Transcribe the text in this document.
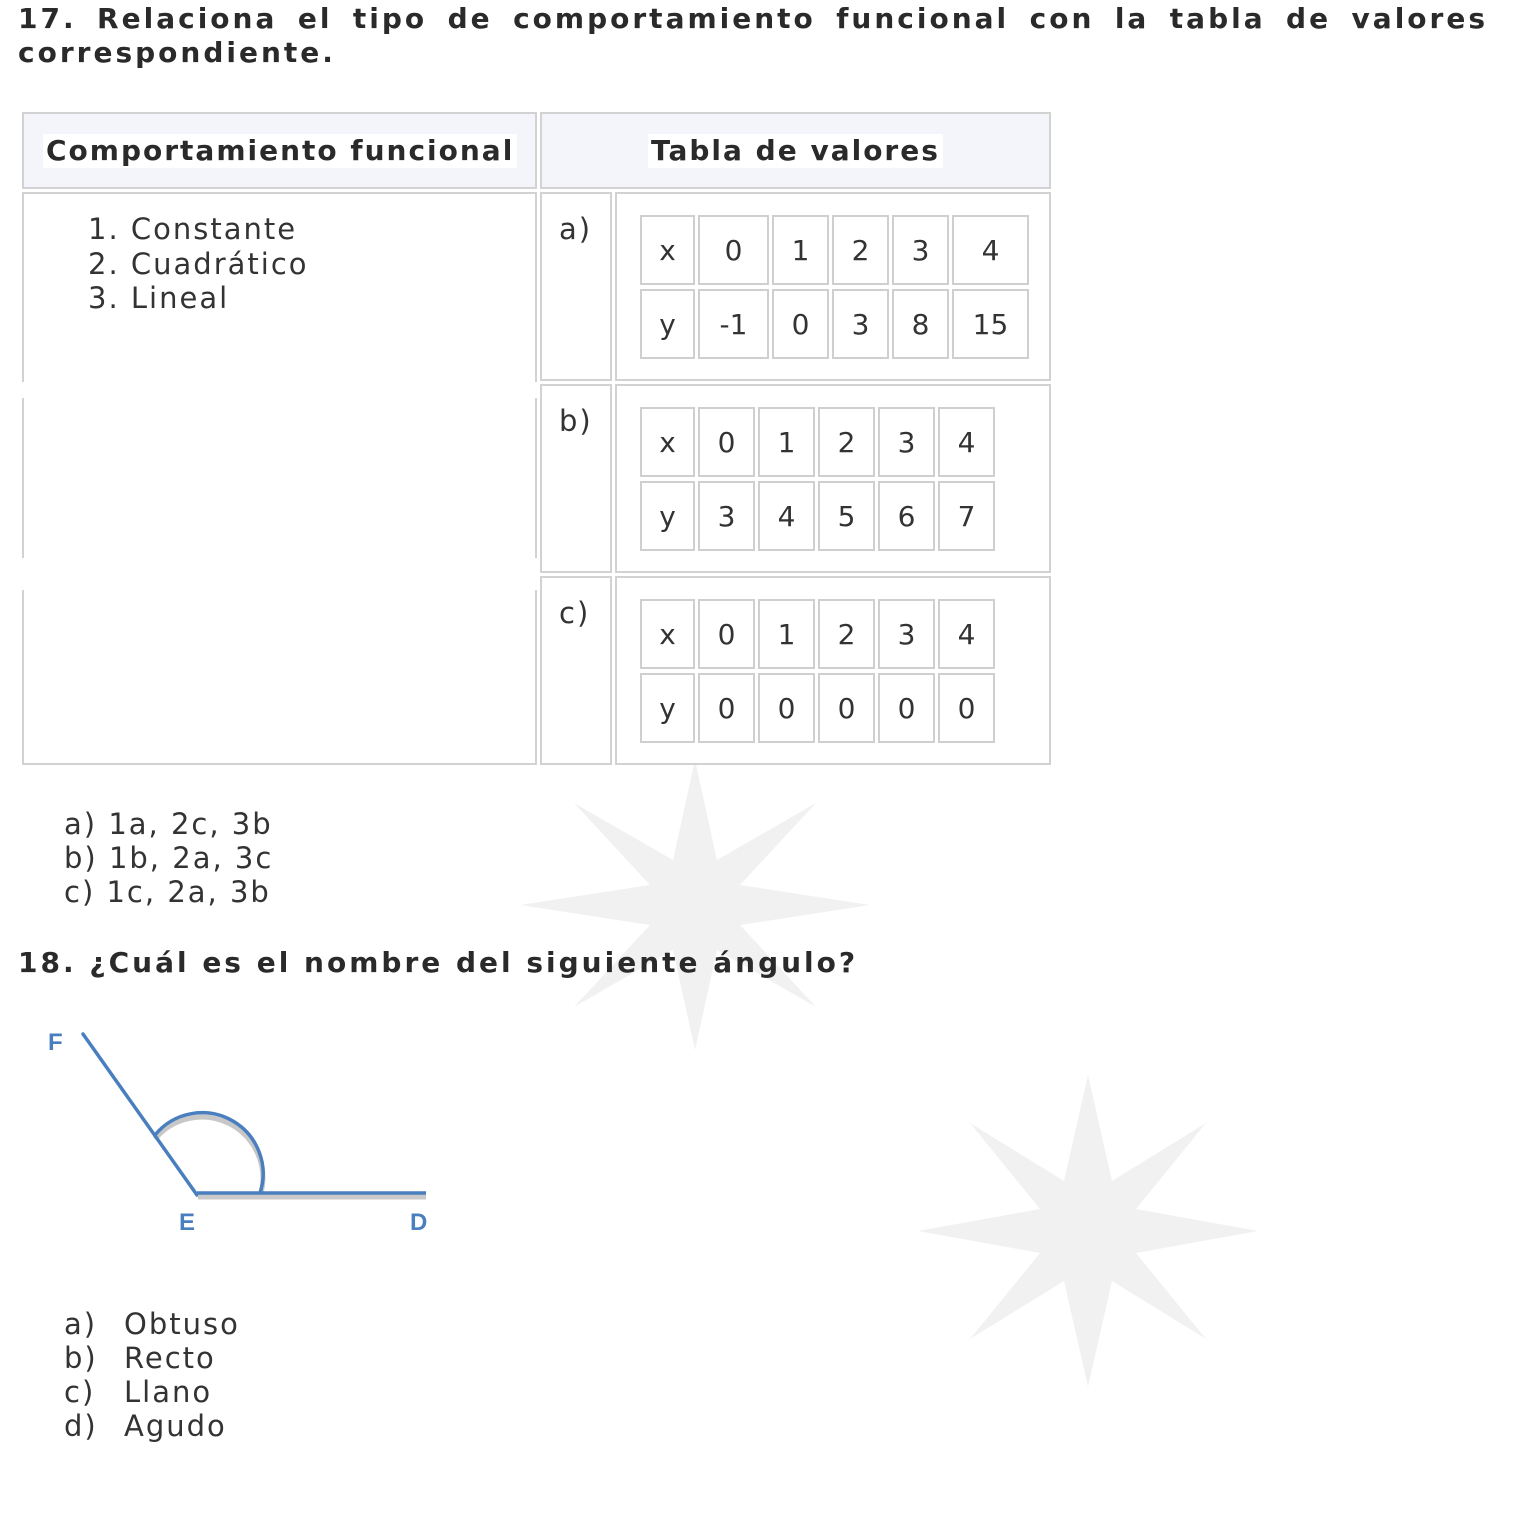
17. Relaciona el tipo de comportamiento funcional con la tabla de valores correspondiente.

Comportamiento funcional	Tabla de valores
1. Constante
2. Cuadrático
3. Lineal
a)
x	0	1	2	3	4
y	-1	0	3	8	15
b)
x	0	1	2	3	4
y	3	4	5	6	7
c)
x	0	1	2	3	4
y	0	0	0	0	0
a) 1a, 2c, 3b
b) 1b, 2a, 3c
c) 1c, 2a, 3b

18. ¿Cuál es el nombre del siguiente ángulo?

F
E	D
a) Obtuso
b) Recto
c) Llano
d) Agudo
